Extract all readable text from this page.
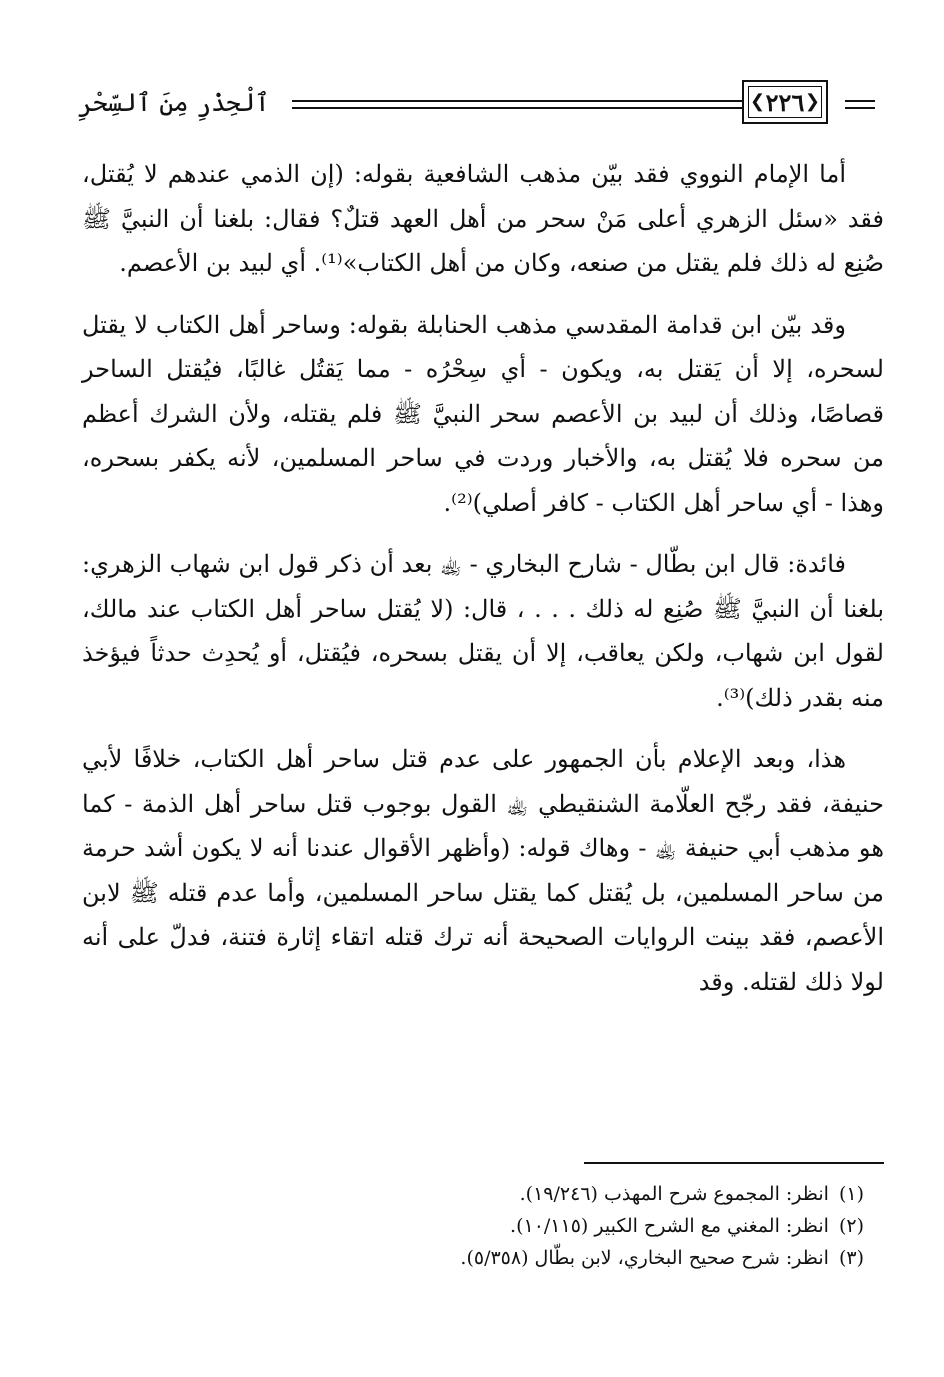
ٱلْحِذْرِ مِنَ ٱلسِّحْرِ	❮ ٢٢٦ ❯

أما الإمام النووي فقد بيّن مذهب الشافعية بقوله: (إن الذمي عندهم لا يُقتل، فقد «سئل الزهري أعلى مَنْ سحر من أهل العهد قتلٌ؟ فقال: بلغنا أن النبيَّ ﷺ صُنِع له ذلك فلم يقتل من صنعه، وكان من أهل الكتاب»⁽¹⁾. أي لبيد بن الأعصم.

وقد بيّن ابن قدامة المقدسي مذهب الحنابلة بقوله: وساحر أهل الكتاب لا يقتل لسحره، إلا أن يَقتل به، ويكون - أي سِحْرُه - مما يَقتُل غالبًا، فيُقتل الساحر قصاصًا، وذلك أن لبيد بن الأعصم سحر النبيَّ ﷺ فلم يقتله، ولأن الشرك أعظم من سحره فلا يُقتل به، والأخبار وردت في ساحر المسلمين، لأنه يكفر بسحره، وهذا - أي ساحر أهل الكتاب - كافر أصلي)⁽²⁾.

فائدة: قال ابن بطّال - شارح البخاري - ﵀ بعد أن ذكر قول ابن شهاب الزهري: بلغنا أن النبيَّ ﷺ صُنِع له ذلك . . . ، قال: (لا يُقتل ساحر أهل الكتاب عند مالك، لقول ابن شهاب، ولكن يعاقب، إلا أن يقتل بسحره، فيُقتل، أو يُحدِث حدثاً فيؤخذ منه بقدر ذلك)⁽³⁾.

هذا، وبعد الإعلام بأن الجمهور على عدم قتل ساحر أهل الكتاب، خلافًا لأبي حنيفة، فقد رجّح العلّامة الشنقيطي ﵀ القول بوجوب قتل ساحر أهل الذمة - كما هو مذهب أبي حنيفة ﵀ - وهاك قوله: (وأظهر الأقوال عندنا أنه لا يكون أشد حرمة من ساحر المسلمين، بل يُقتل كما يقتل ساحر المسلمين، وأما عدم قتله ﷺ لابن الأعصم، فقد بينت الروايات الصحيحة أنه ترك قتله اتقاء إثارة فتنة، فدلّ على أنه لولا ذلك لقتله. وقد

(١)انظر: المجموع شرح المهذب (١٩/٢٤٦).
(٢)انظر: المغني مع الشرح الكبير (١٠/١١٥).
(٣)انظر: شرح صحيح البخاري، لابن بطّال (٥/٣٥٨).
